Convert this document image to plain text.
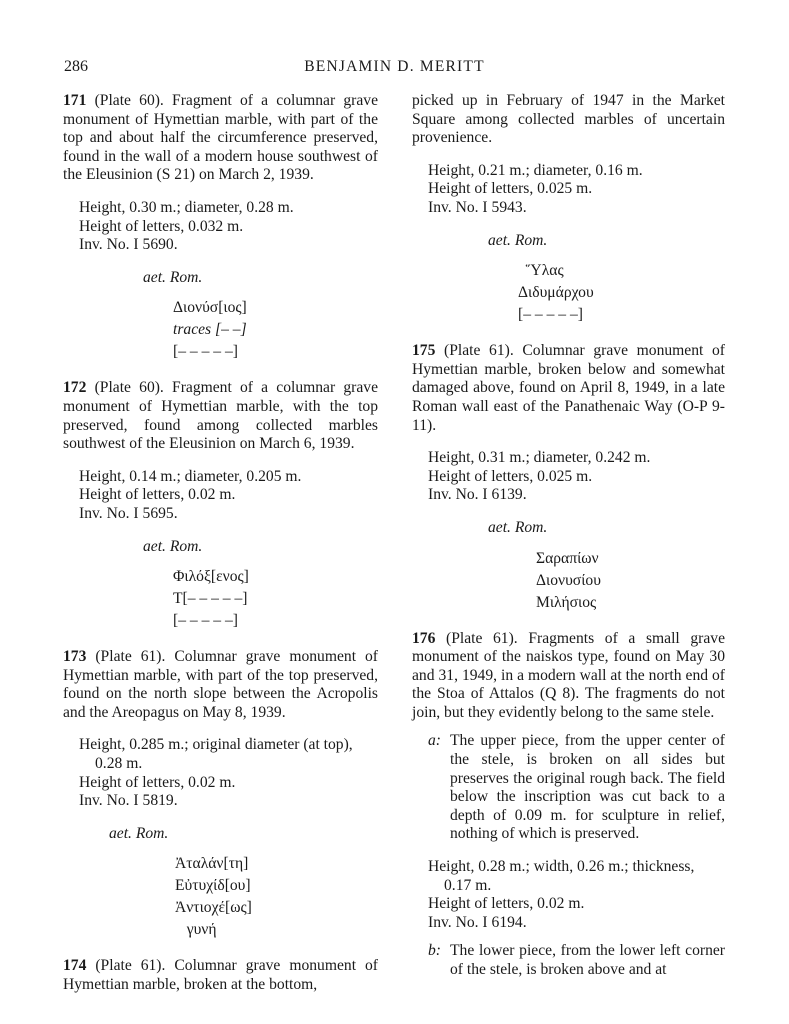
286	BENJAMIN D. MERITT

171 (Plate 60). Fragment of a columnar grave monument of Hymettian marble, with part of the top and about half the circumference preserved, found in the wall of a modern house southwest of the Eleusinion (S 21) on March 2, 1939.

Height, 0.30 m.; diameter, 0.28 m.
Height of letters, 0.032 m.
Inv. No. I 5690.
aet. Rom.
Διονύσ[ιος]
traces [– –]
[– – – – –]

172 (Plate 60). Fragment of a columnar grave monument of Hymettian marble, with the top preserved, found among collected marbles southwest of the Eleusinion on March 6, 1939.

Height, 0.14 m.; diameter, 0.205 m.
Height of letters, 0.02 m.
Inv. No. I 5695.
aet. Rom.
Φιλόξ[ενος]
Τ[– – – – –]
[– – – – –]

173 (Plate 61). Columnar grave monument of Hymettian marble, with part of the top preserved, found on the north slope between the Acropolis and the Areopagus on May 8, 1939.

Height, 0.285 m.; original diameter (at top),
0.28 m.
Height of letters, 0.02 m.
Inv. No. I 5819.
aet. Rom.
Ἀταλάν[τη]
Εὐτυχίδ[ου]
Ἀντιοχέ[ως]
γυνή

174 (Plate 61). Columnar grave monument of Hymettian marble, broken at the bottom,

picked up in February of 1947 in the Market Square among collected marbles of uncertain provenience.

Height, 0.21 m.; diameter, 0.16 m.
Height of letters, 0.025 m.
Inv. No. I 5943.
aet. Rom.
Ὕλας
Διδυμάρχου
[– – – – –]

175 (Plate 61). Columnar grave monument of Hymettian marble, broken below and somewhat damaged above, found on April 8, 1949, in a late Roman wall east of the Panathenaic Way (O-P 9-11).

Height, 0.31 m.; diameter, 0.242 m.
Height of letters, 0.025 m.
Inv. No. I 6139.
aet. Rom.
Σαραπίων
Διονυσίου
Μιλήσιος

176 (Plate 61). Fragments of a small grave monument of the naiskos type, found on May 30 and 31, 1949, in a modern wall at the north end of the Stoa of Attalos (Q 8). The fragments do not join, but they evidently belong to the same stele.

a: The upper piece, from the upper center of the stele, is broken on all sides but preserves the original rough back. The field below the inscription was cut back to a depth of 0.09 m. for sculpture in relief, nothing of which is preserved.
Height, 0.28 m.; width, 0.26 m.; thickness,
0.17 m.
Height of letters, 0.02 m.
Inv. No. I 6194.
b: The lower piece, from the lower left corner of the stele, is broken above and at
